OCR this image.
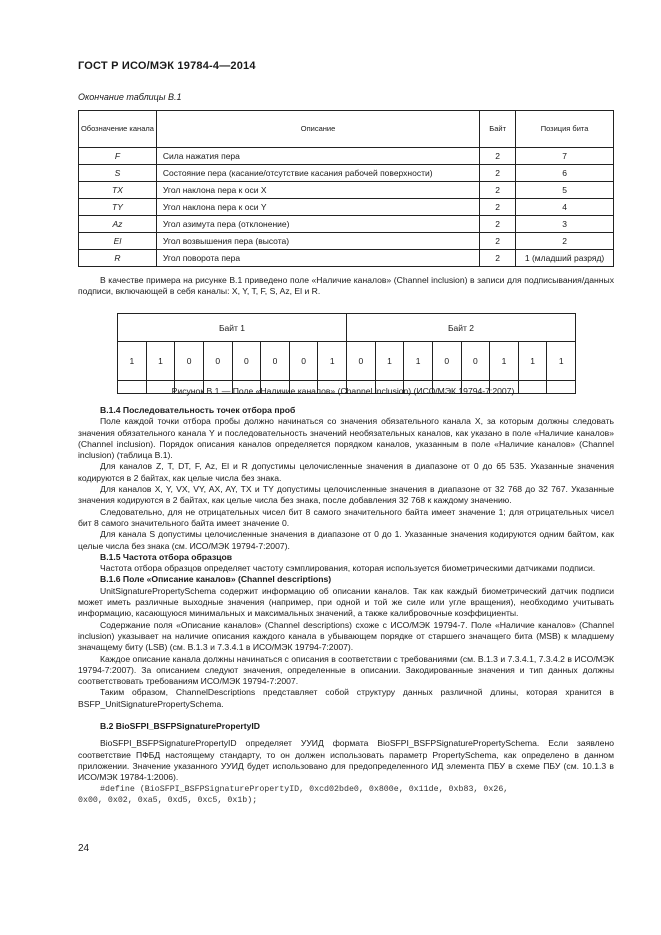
ГОСТ Р ИСО/МЭК 19784-4—2014
Окончание таблицы В.1
Обозначение канала	Описание	Байт	Позиция бита
F	Сила нажатия пера	2	7
S	Состояние пера (касание/отсутствие касания рабочей поверхности)	2	6
TX	Угол наклона пера к оси X	2	5
TY	Угол наклона пера к оси Y	2	4
Az	Угол азимута пера (отклонение)	2	3
El	Угол возвышения пера (высота)	2	2
R	Угол поворота пера	2	1 (младший разряд)
В качестве примера на рисунке В.1 приведено поле «Наличие каналов» (Channel inclusion) в записи для подписывания/данных подписи, включающей в себя каналы: X, Y, T, F, S, Az, El и R.
Байт 1								Байт 2							
1	1	0	0	0	0	0	1	0	1	1	0	0	1	1	1

Рисунок В.1 — Поле «Наличие каналов» (Channel inclusion) (ИСО/МЭК 19794-7:2007)
В.1.4 Последовательность точек отбора проб
Поле каждой точки отбора пробы должно начинаться со значения обязательного канала X, за которым должны следовать значения обязательного канала Y и последовательность значений необязательных каналов, как указано в поле «Наличие каналов» (Channel inclusion). Порядок описания каналов определяется порядком каналов, указанным в поле «Наличие каналов» (Channel inclusion) (таблица В.1).
Для каналов Z, T, DT, F, Az, El и R допустимы целочисленные значения в диапазоне от 0 до 65 535. Указанные значения кодируются в 2 байтах, как целые числа без знака.
Для каналов X, Y, VX, VY, AX, AY, TX и TY допустимы целочисленные значения в диапазоне от 32 768 до 32 767. Указанные значения кодируются в 2 байтах, как целые числа без знака, после добавления 32 768 к каждому значению.
Следовательно, для не отрицательных чисел бит 8 самого значительного байта имеет значение 1; для отрицательных чисел бит 8 самого значительного байта имеет значение 0.
Для канала S допустимы целочисленные значения в диапазоне от 0 до 1. Указанные значения кодируются одним байтом, как целые числа без знака (см. ИСО/МЭК 19794-7:2007).
В.1.5 Частота отбора образцов
Частота отбора образцов определяет частоту сэмплирования, которая используется биометрическими датчиками подписи.
В.1.6 Поле «Описание каналов» (Channel descriptions)
UnitSignaturePropertySchema содержит информацию об описании каналов. Так как каждый биометрический датчик подписи может иметь различные выходные значения (например, при одной и той же силе или угле вращения), необходимо учитывать информацию, касающуюся минимальных и максимальных значений, а также калибровочные коэффициенты.
Содержание поля «Описание каналов» (Channel descriptions) схоже с ИСО/МЭК 19794-7. Поле «Наличие каналов» (Channel inclusion) указывает на наличие описания каждого канала в убывающем порядке от старшего значащего бита (MSB) к младшему значащему биту (LSB) (см. В.1.3 и 7.3.4.1 в ИСО/МЭК 19794-7:2007).
Каждое описание канала должны начинаться с описания в соответствии с требованиями (см. В.1.3 и 7.3.4.1, 7.3.4.2 в ИСО/МЭК 19794-7:2007). За описанием следуют значения, определенные в описании. Закодированные значения и тип данных должны соответствовать требованиям ИСО/МЭК 19794-7:2007.
Таким образом, ChannelDescriptions представляет собой структуру данных различной длины, которая хранится в BSFP_UnitSignaturePropertySchema.
В.2 BioSFPI_BSFPSignaturePropertyID
BioSFPI_BSFPSignaturePropertyID определяет УУИД формата BioSFPI_BSFPSignaturePropertySchema. Если заявлено соответствие ПФБД настоящему стандарту, то он должен использовать параметр PropertySchema, как определено в данном приложении. Значение указанного УУИД будет использовано для предопределенного ИД элемента ПБУ в схеме ПБУ (см. 10.1.3 в ИСО/МЭК 19784-1:2006).
#define (BioSFPI_BSFPSignaturePropertyID, 0xcd02bde0, 0x800e, 0x11de, 0xb83, 0x26,
0x00, 0x02, 0xa5, 0xd5, 0xc5, 0x1b);
24
